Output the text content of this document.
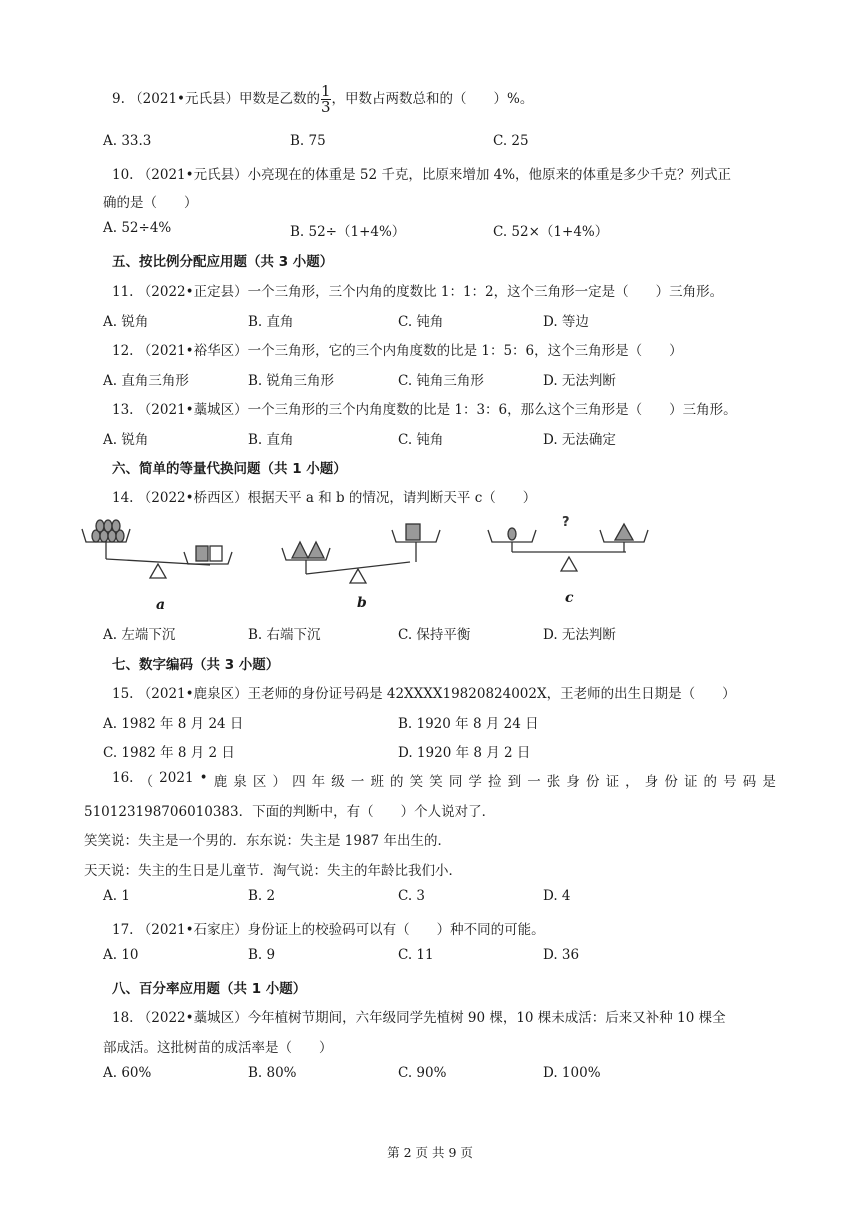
9. （2021•元氏县）甲数是乙数的 $\frac{1}{3}$ ，甲数占两数总和的（　　）%。
A. 33.3	B. 75	C. 25
10. （2021•元氏县）小亮现在的体重是 52 千克，比原来增加 4%，他原来的体重是多少千克？列式正
确的是（　　）
A. 52÷4%	B. 52÷（1+4%）	C. 52×（1+4%）
五、按比例分配应用题（共 3 小题）
11. （2022•正定县）一个三角形，三个内角的度数比 1：1：2，这个三角形一定是（　　）三角形。
A. 锐角	B. 直角	C. 钝角	D. 等边
12. （2021•裕华区）一个三角形，它的三个内角度数的比是 1：5：6，这个三角形是（　　）
A. 直角三角形	B. 锐角三角形	C. 钝角三角形	D. 无法判断
13. （2021•藁城区）一个三角形的三个内角度数的比是 1：3：6，那么这个三角形是（　　）三角形。
A. 锐角	B. 直角	C. 钝角	D. 无法确定
六、简单的等量代换问题（共 1 小题）
14. （2022•桥西区）根据天平 a 和 b 的情况，请判断天平 c（　　）
?
a	b	c
A. 左端下沉	B. 右端下沉	C. 保持平衡	D. 无法判断
七、数字编码（共 3 小题）
15. （2021•鹿泉区）王老师的身份证号码是 42XXXX19820824002X，王老师的出生日期是（　　）
A. 1982 年 8 月 24 日	B. 1920 年 8 月 24 日
C. 1982 年 8 月 2 日	D. 1920 年 8 月 2 日
16. （ 2021 • 鹿 泉 区 ） 四 年 级 一 班 的 笑 笑 同 学 捡 到 一 张 身 份 证 ， 身 份 证 的 号 码 是
510123198706010383．下面的判断中，有（　　）个人说对了．
笑笑说：失主是一个男的．东东说：失主是 1987 年出生的．
天天说：失主的生日是儿童节．淘气说：失主的年龄比我们小．
A. 1	B. 2	C. 3	D. 4
17. （2021•石家庄）身份证上的校验码可以有（　　）种不同的可能。
A. 10	B. 9	C. 11	D. 36
八、百分率应用题（共 1 小题）
18. （2022•藁城区）今年植树节期间，六年级同学先植树 90 棵，10 棵未成活：后来又补种 10 棵全
部成活。这批树苗的成活率是（　　）
A. 60%	B. 80%	C. 90%	D. 100%
第 2 页 共 9 页
